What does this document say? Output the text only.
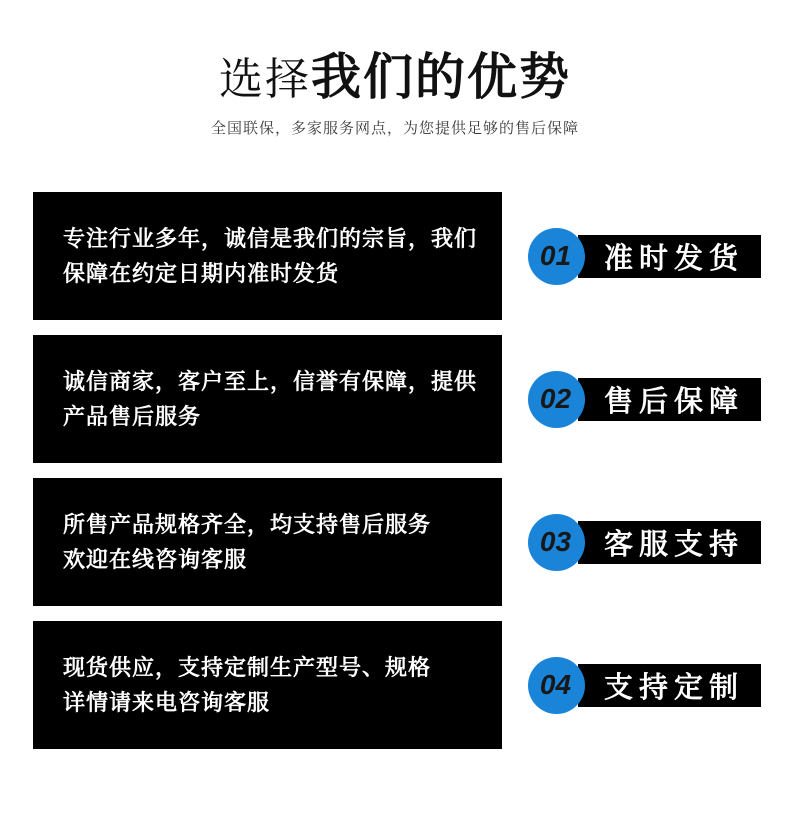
选择我们的优势
全国联保，多家服务网点，为您提供足够的售后保障
专注行业多年，诚信是我们的宗旨，我们
保障在约定日期内准时发货	准时发货
01
诚信商家，客户至上，信誉有保障，提供
产品售后服务	售后保障
02
所售产品规格齐全，均支持售后服务
欢迎在线咨询客服	客服支持
03
现货供应，支持定制生产型号、规格
详情请来电咨询客服	支持定制
04
